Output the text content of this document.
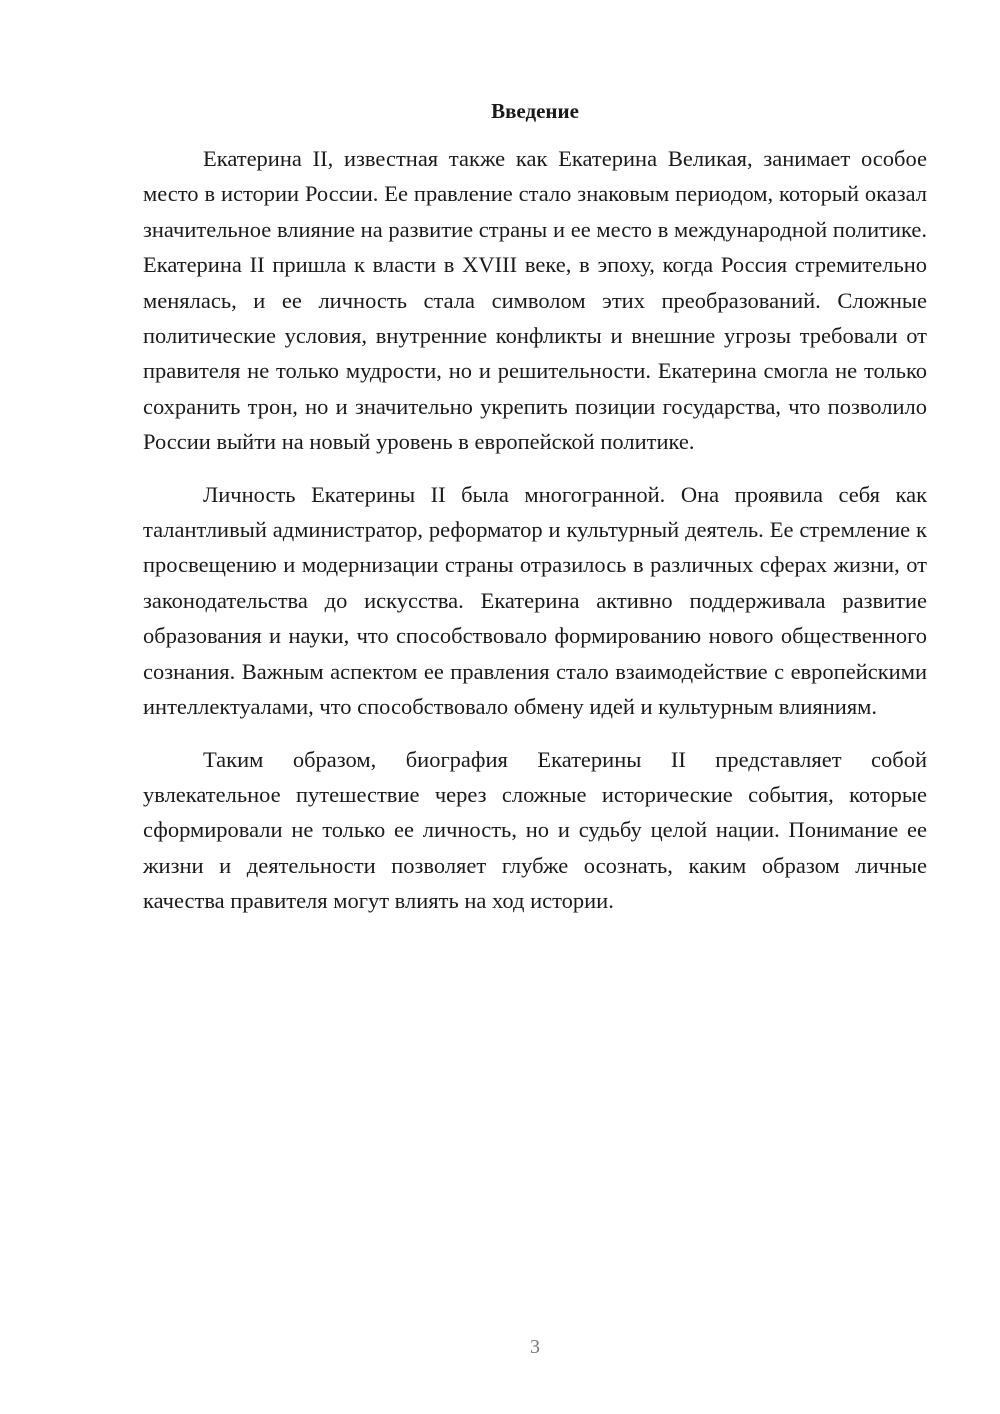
Введение

Екатерина II, известная также как Екатерина Великая, занимает особое место в истории России. Ее правление стало знаковым периодом, который оказал значительное влияние на развитие страны и ее место в международной политике. Екатерина II пришла к власти в XVIII веке, в эпоху, когда Россия стремительно менялась, и ее личность стала символом этих преобразований. Сложные политические условия, внутренние конфликты и внешние угрозы требовали от правителя не только мудрости, но и решительности. Екатерина смогла не только сохранить трон, но и значительно укрепить позиции государства, что позволило России выйти на новый уровень в европейской политике.

Личность Екатерины II была многогранной. Она проявила себя как талантливый администратор, реформатор и культурный деятель. Ее стремление к просвещению и модернизации страны отразилось в различных сферах жизни, от законодательства до искусства. Екатерина активно поддерживала развитие образования и науки, что способствовало формированию нового общественного сознания. Важным аспектом ее правления стало взаимодействие с европейскими интеллектуалами, что способствовало обмену идей и культурным влияниям.

Таким образом, биография Екатерины II представляет собой увлекательное путешествие через сложные исторические события, которые сформировали не только ее личность, но и судьбу целой нации. Понимание ее жизни и деятельности позволяет глубже осознать, каким образом личные качества правителя могут влиять на ход истории.

3
